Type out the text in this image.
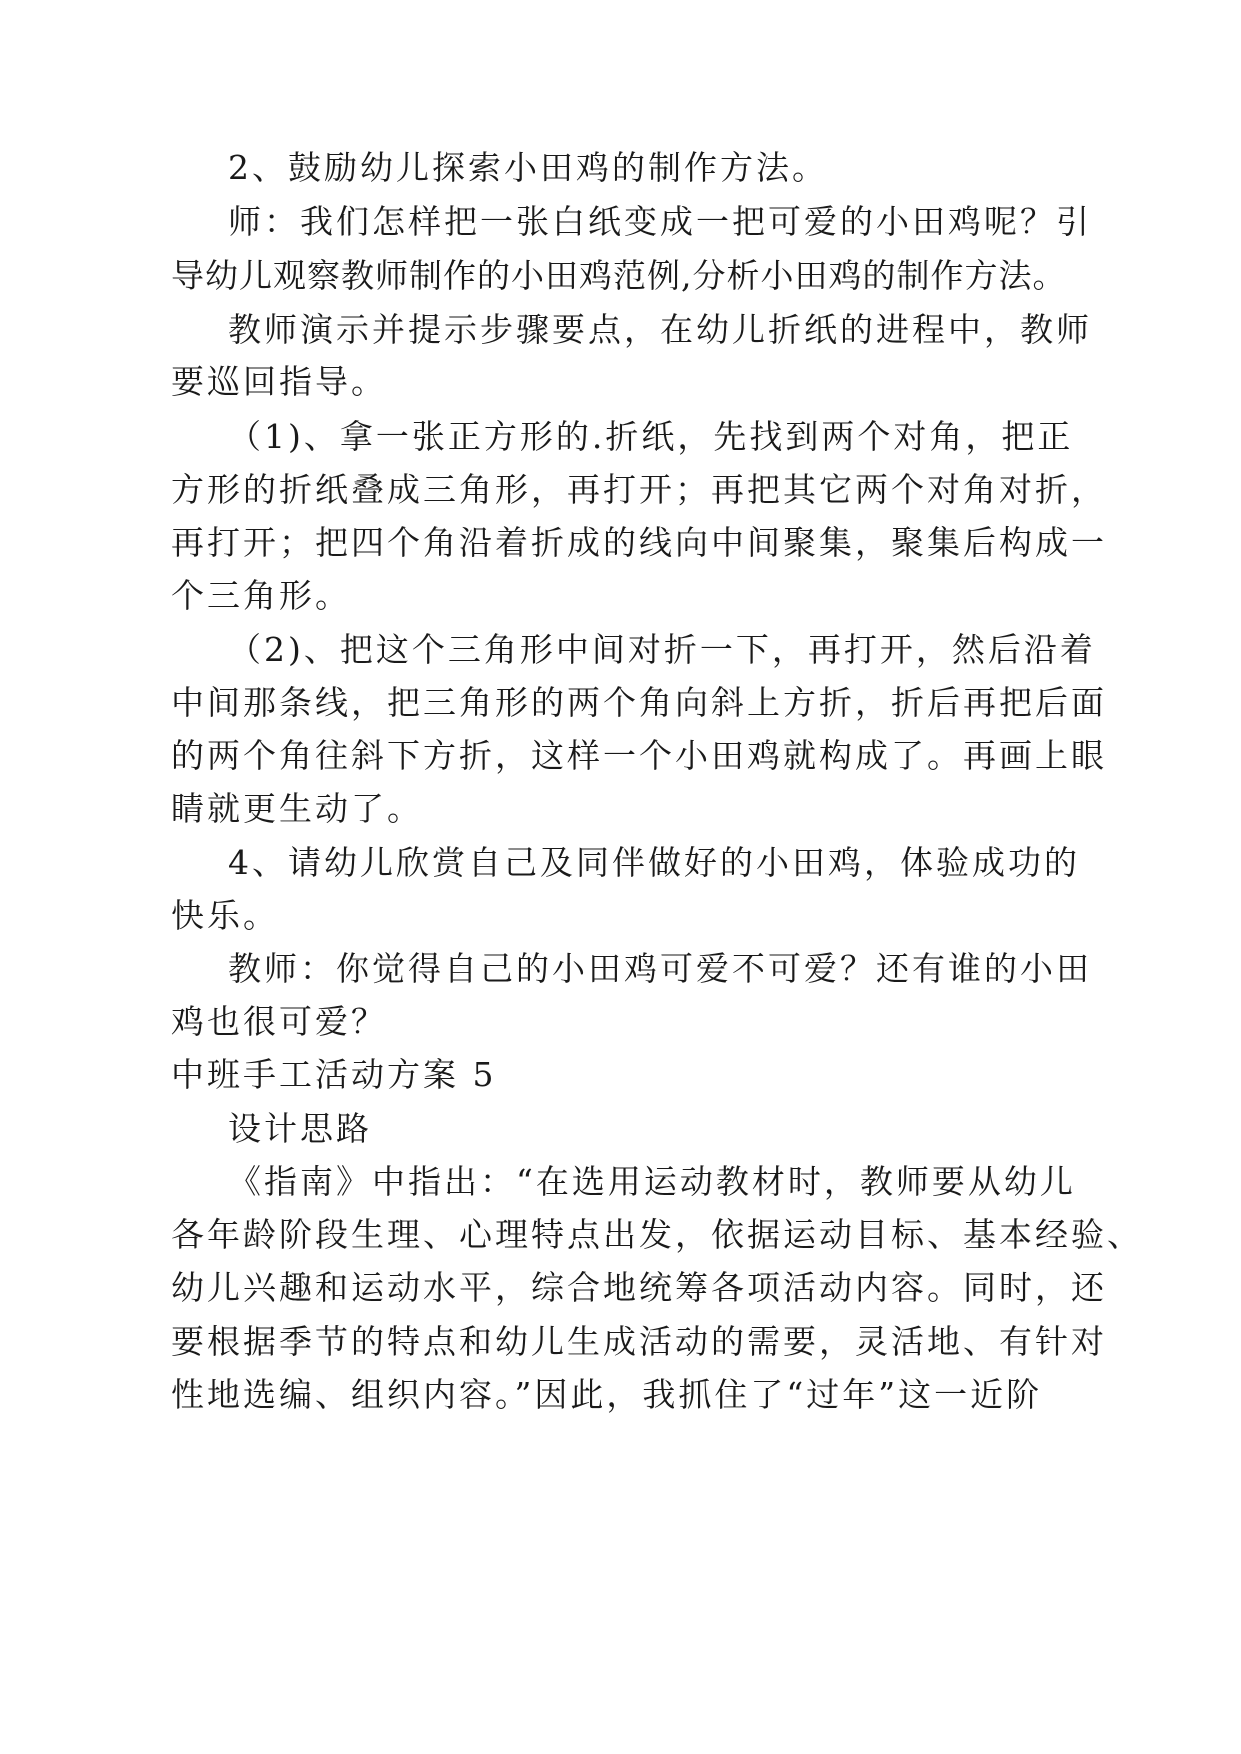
2、鼓励幼儿探索小田鸡的制作方法。
师：我们怎样把一张白纸变成一把可爱的小田鸡呢？引
导幼儿观察教师制作的小田鸡范例,分析小田鸡的制作方法。
教师演示并提示步骤要点，在幼儿折纸的进程中，教师
要巡回指导。
（1)、拿一张正方形的.折纸，先找到两个对角，把正
方形的折纸叠成三角形，再打开；再把其它两个对角对折，
再打开；把四个角沿着折成的线向中间聚集，聚集后构成一
个三角形。
（2)、把这个三角形中间对折一下，再打开，然后沿着
中间那条线，把三角形的两个角向斜上方折，折后再把后面
的两个角往斜下方折，这样一个小田鸡就构成了。再画上眼
睛就更生动了。
4、请幼儿欣赏自己及同伴做好的小田鸡，体验成功的
快乐。
教师：你觉得自己的小田鸡可爱不可爱？还有谁的小田
鸡也很可爱？
中班手工活动方案 5
设计思路
《指南》中指出：“在选用运动教材时，教师要从幼儿
各年龄阶段生理、心理特点出发，依据运动目标、基本经验、
幼儿兴趣和运动水平，综合地统筹各项活动内容。同时，还
要根据季节的特点和幼儿生成活动的需要，灵活地、有针对
性地选编、组织内容。”因此，我抓住了“过年”这一近阶
